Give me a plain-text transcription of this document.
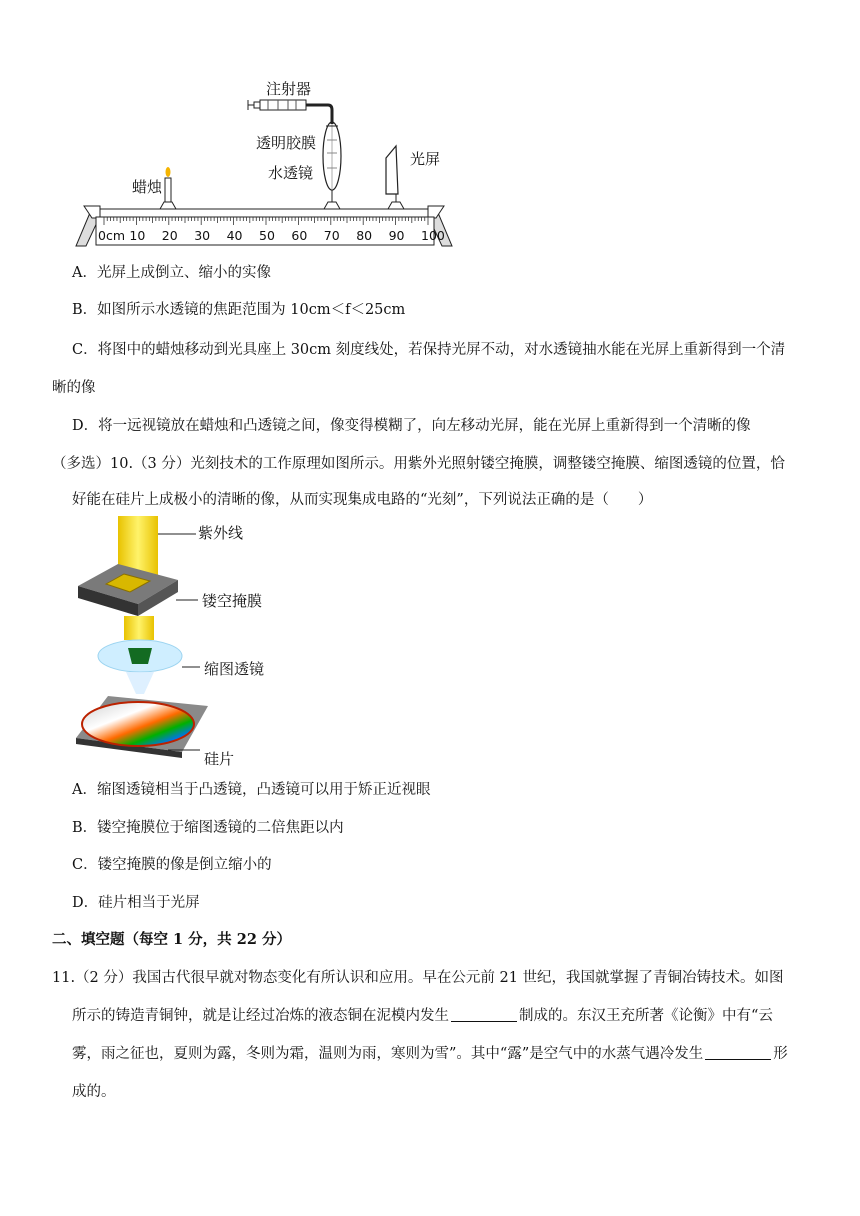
注射器
透明胶膜
水透镜
光屏
蜡烛
0cm 10 20 30 40 50 60 70 80 90 100
A．光屏上成倒立、缩小的实像
B．如图所示水透镜的焦距范围为 10cm＜f＜25cm
C．将图中的蜡烛移动到光具座上 30cm 刻度线处，若保持光屏不动，对水透镜抽水能在光屏上重新得到一个清
晰的像
D．将一远视镜放在蜡烛和凸透镜之间，像变得模糊了，向左移动光屏，能在光屏上重新得到一个清晰的像
（多选）10.（3 分）光刻技术的工作原理如图所示。用紫外光照射镂空掩膜，调整镂空掩膜、缩图透镜的位置，恰
好能在硅片上成极小的清晰的像，从而实现集成电路的“光刻”，下列说法正确的是（　　）
紫外线
镂空掩膜
缩图透镜
硅片
A．缩图透镜相当于凸透镜，凸透镜可以用于矫正近视眼
B．镂空掩膜位于缩图透镜的二倍焦距以内
C．镂空掩膜的像是倒立缩小的
D．硅片相当于光屏
二、填空题（每空 1 分，共 22 分）
11.（2 分）我国古代很早就对物态变化有所认识和应用。早在公元前 21 世纪，我国就掌握了青铜冶铸技术。如图
所示的铸造青铜钟，就是让经过冶炼的液态铜在泥模内发生	制成的。东汉王充所著《论衡》中有“云
雾，雨之征也，夏则为露，冬则为霜，温则为雨，寒则为雪”。其中“露”是空气中的水蒸气遇冷发生	形
成的。
